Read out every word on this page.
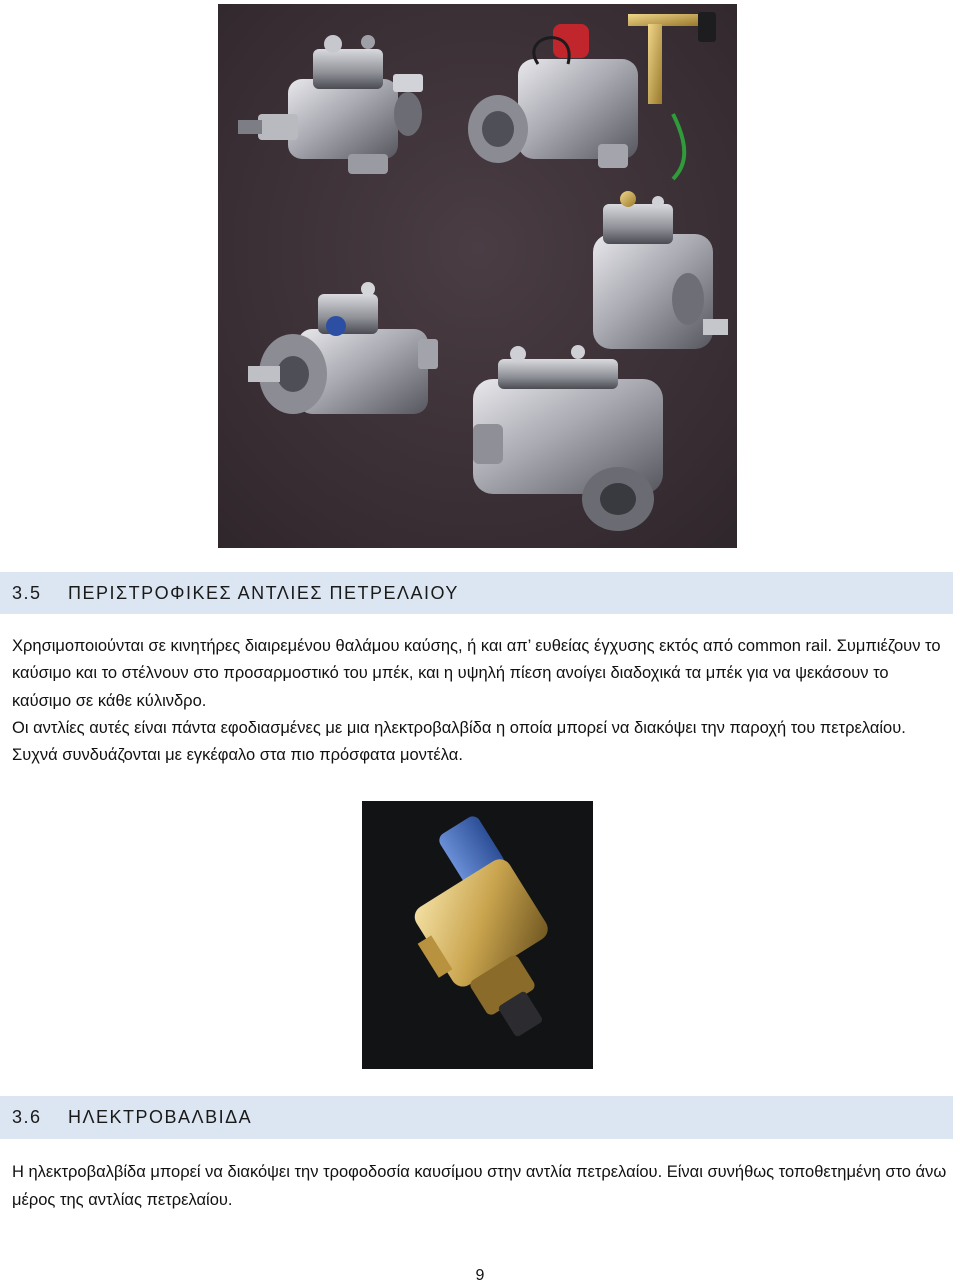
3.5	ΠΕΡΙΣΤΡΟΦΙΚΕΣ ΑΝΤΛΙΕΣ ΠΕΤΡΕΛΑΙΟΥ

Χρησιμοποιούνται σε κινητήρες διαιρεμένου θαλάμου καύσης, ή και απ’ ευθείας έγχυσης εκτός από common rail. Συμπιέζουν το καύσιμο και το στέλνουν στο προσαρμοστικό του μπέκ, και η υψηλή πίεση ανοίγει διαδοχικά τα μπέκ για να ψεκάσουν το καύσιμο σε κάθε κύλινδρο.

Οι αντλίες αυτές είναι πάντα εφοδιασμένες με μια ηλεκτροβαλβίδα η οποία μπορεί να διακόψει την παροχή του πετρελαίου. Συχνά συνδυάζονται με εγκέφαλο στα πιο πρόσφατα μοντέλα.

3.6	ΗΛΕΚΤΡΟΒΑΛΒΙΔΑ

Η ηλεκτροβαλβίδα μπορεί να διακόψει την τροφοδοσία καυσίμου στην αντλία πετρελαίου. Είναι συνήθως τοποθετημένη στο άνω μέρος της αντλίας πετρελαίου.

9
